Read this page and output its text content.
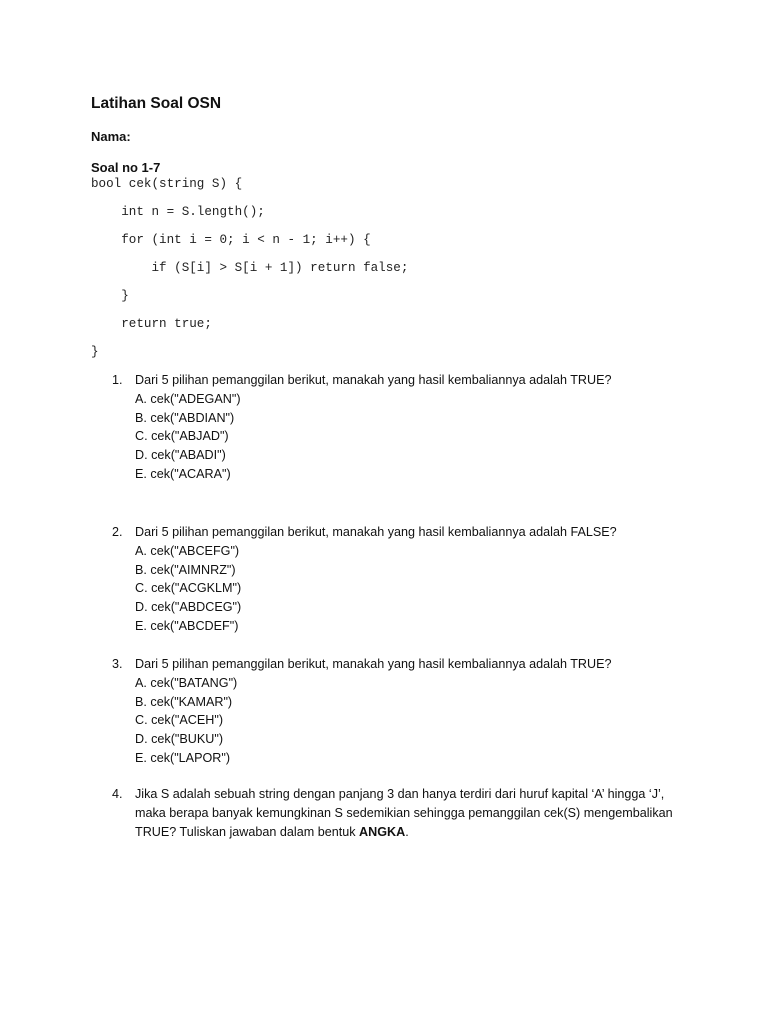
Latihan Soal OSN
Nama:
Soal no 1-7
bool cek(string S) {
int n = S.length();
for (int i = 0; i < n - 1; i++) {
if (S[i] > S[i + 1]) return false;
}
return true;
}
1. Dari 5 pilihan pemanggilan berikut, manakah yang hasil kembaliannya adalah TRUE?
A. cek("ADEGAN")
B. cek("ABDIAN")
C. cek("ABJAD")
D. cek("ABADI")
E. cek("ACARA")
2. Dari 5 pilihan pemanggilan berikut, manakah yang hasil kembaliannya adalah FALSE?
A. cek("ABCEFG")
B. cek("AIMNRZ")
C. cek("ACGKLM")
D. cek("ABDCEG")
E. cek("ABCDEF")
3. Dari 5 pilihan pemanggilan berikut, manakah yang hasil kembaliannya adalah TRUE?
A. cek("BATANG")
B. cek("KAMAR")
C. cek("ACEH")
D. cek("BUKU")
E. cek("LAPOR")
4. Jika S adalah sebuah string dengan panjang 3 dan hanya terdiri dari huruf kapital ‘A’ hingga ‘J’,
maka berapa banyak kemungkinan S sedemikian sehingga pemanggilan cek(S) mengembalikan
TRUE? Tuliskan jawaban dalam bentuk ANGKA.
